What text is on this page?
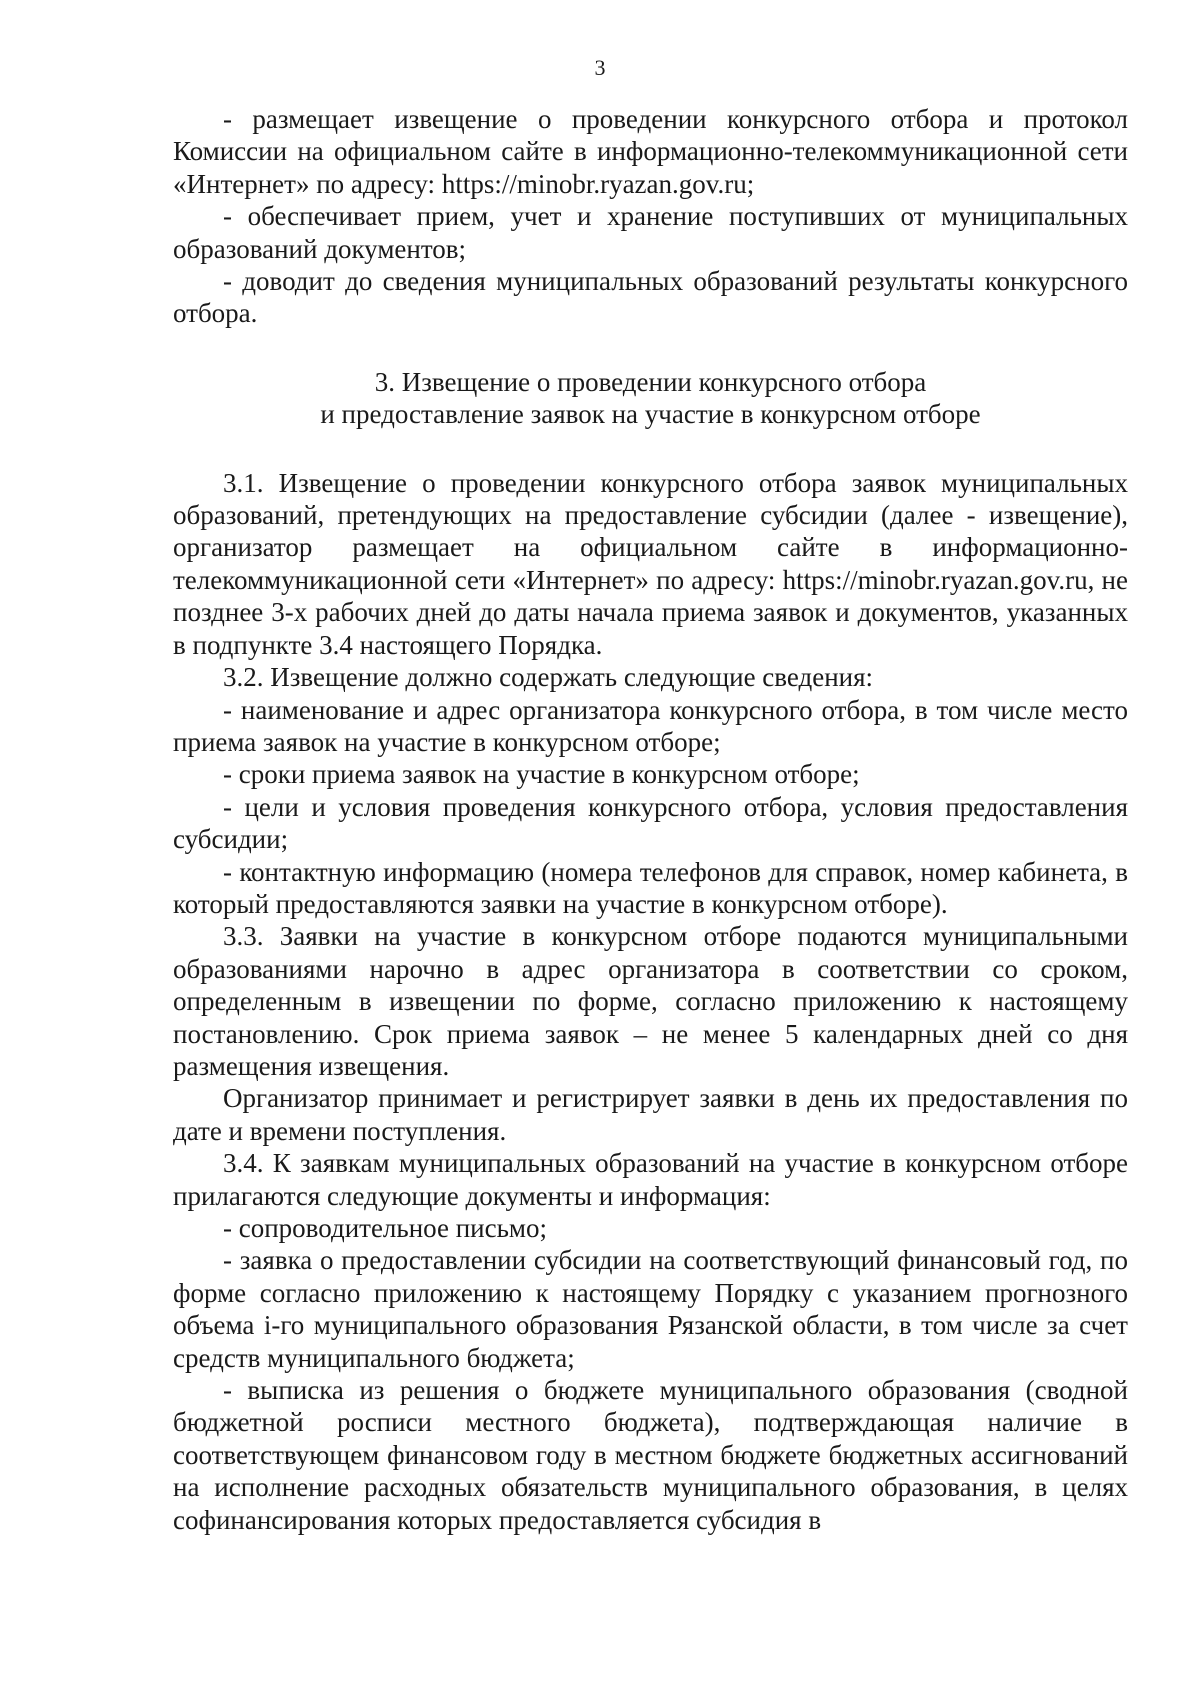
3

- размещает извещение о проведении конкурсного отбора и протокол Комиссии на официальном сайте в информационно-телекоммуникационной сети «Интернет» по адресу: https://minobr.ryazan.gov.ru;

- обеспечивает прием, учет и хранение поступивших от муниципальных образований документов;

- доводит до сведения муниципальных образований результаты конкурсного отбора.

3. Извещение о проведении конкурсного отбора
и предоставление заявок на участие в конкурсном отборе

3.1. Извещение о проведении конкурсного отбора заявок муниципальных образований, претендующих на предоставление субсидии (далее - извещение), организатор размещает на официальном сайте в информационно-телекоммуникационной сети «Интернет» по адресу: https://minobr.ryazan.gov.ru, не позднее 3-х рабочих дней до даты начала приема заявок и документов, указанных в подпункте 3.4 настоящего Порядка.

3.2. Извещение должно содержать следующие сведения:

- наименование и адрес организатора конкурсного отбора, в том числе место приема заявок на участие в конкурсном отборе;

- сроки приема заявок на участие в конкурсном отборе;

- цели и условия проведения конкурсного отбора, условия предоставления субсидии;

- контактную информацию (номера телефонов для справок, номер кабинета, в который предоставляются заявки на участие в конкурсном отборе).

3.3. Заявки на участие в конкурсном отборе подаются муниципальными образованиями нарочно в адрес организатора в соответствии со сроком, определенным в извещении по форме, согласно приложению к настоящему постановлению. Срок приема заявок – не менее 5 календарных дней со дня размещения извещения.

Организатор принимает и регистрирует заявки в день их предоставления по дате и времени поступления.

3.4. К заявкам муниципальных образований на участие в конкурсном отборе прилагаются следующие документы и информация:

- сопроводительное письмо;

- заявка о предоставлении субсидии на соответствующий финансовый год, по форме согласно приложению к настоящему Порядку с указанием прогнозного объема i-го муниципального образования Рязанской области, в том числе за счет средств муниципального бюджета;

- выписка из решения о бюджете муниципального образования (сводной бюджетной росписи местного бюджета), подтверждающая наличие в соответствующем финансовом году в местном бюджете бюджетных ассигнований на исполнение расходных обязательств муниципального образования, в целях софинансирования которых предоставляется субсидия в
